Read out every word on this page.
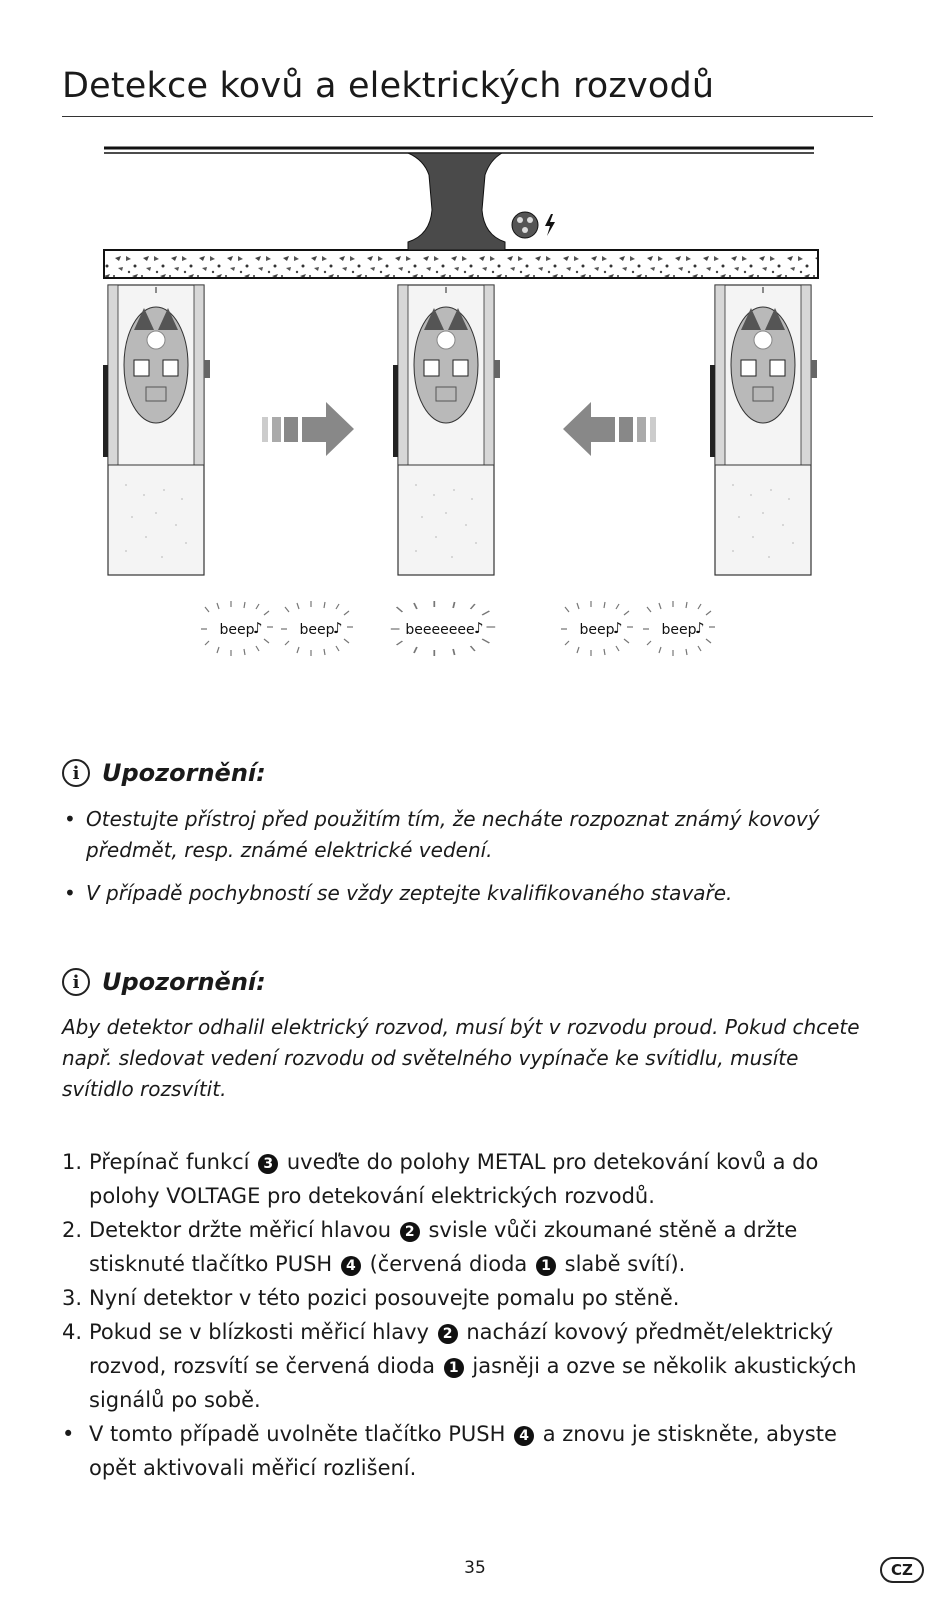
Detekce kovů a elektrických rozvodů
beep	beep	beeeeeee	beep	beep
♪	♪	♪	♪	♪
i Upozornění:
• Otestujte přístroj před použitím tím, že necháte rozpoznat známý kovový předmět, resp. známé elektrické vedení.
• V případě pochybností se vždy zeptejte kvalifikovaného stavaře.
i Upozornění:

Aby detektor odhalil elektrický rozvod, musí být v rozvodu proud. Pokud chcete např. sledovat vedení rozvodu od světelného vypínače ke svítidlu, musíte svítidlo rozsvítit.

1. Přepínač funkcí 3 uveďte do polohy METAL pro detekování kovů a do polohy VOLTAGE pro detekování elektrických rozvodů.
2. Detektor držte měřicí hlavou 2 svisle vůči zkoumané stěně a držte stisknuté tlačítko PUSH 4 (červená dioda 1 slabě svítí).
3. Nyní detektor v této pozici posouvejte pomalu po stěně.
4. Pokud se v blízkosti měřicí hlavy 2 nachází kovový předmět/elektrický rozvod, rozsvítí se červená dioda 1 jasněji a ozve se několik akustických signálů po sobě.
• V tomto případě uvolněte tlačítko PUSH 4 a znovu je stiskněte, abyste opět aktivovali měřicí rozlišení.
35	CZ
